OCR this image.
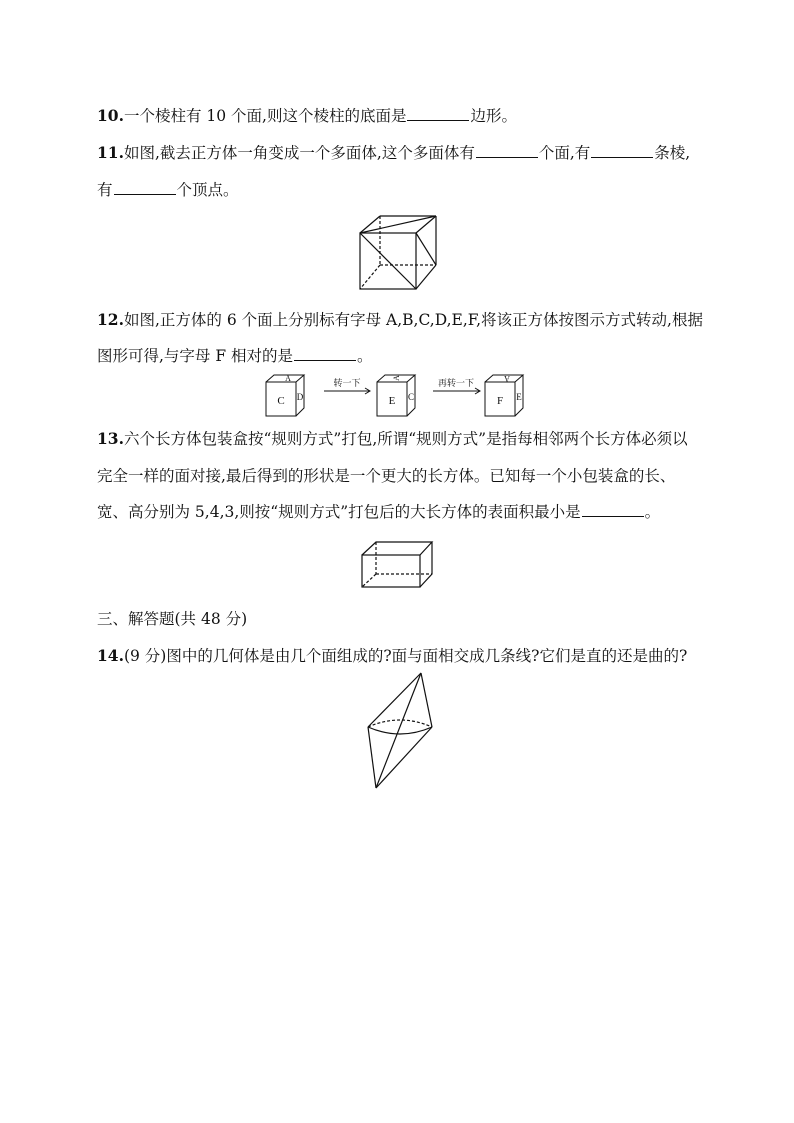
10.一个棱柱有 10 个面,则这个棱柱的底面是	边形。
11.如图,截去正方体一角变成一个多面体,这个多面体有	个面,有	条棱,
有	个顶点。
12.如图,正方体的 6 个面上分别标有字母 A,B,C,D,E,F,将该正方体按图示方式转动,根据
图形可得,与字母 F 相对的是	。
C
A
D
转一下
E
A
C
再转一下
F
A
E
13.六个长方体包装盒按“规则方式”打包,所谓“规则方式”是指每相邻两个长方体必须以
完全一样的面对接,最后得到的形状是一个更大的长方体。已知每一个小包装盒的长、
宽、高分别为 5,4,3,则按“规则方式”打包后的大长方体的表面积最小是	。
三、解答题(共 48 分)
14.(9 分)图中的几何体是由几个面组成的?面与面相交成几条线?它们是直的还是曲的?
